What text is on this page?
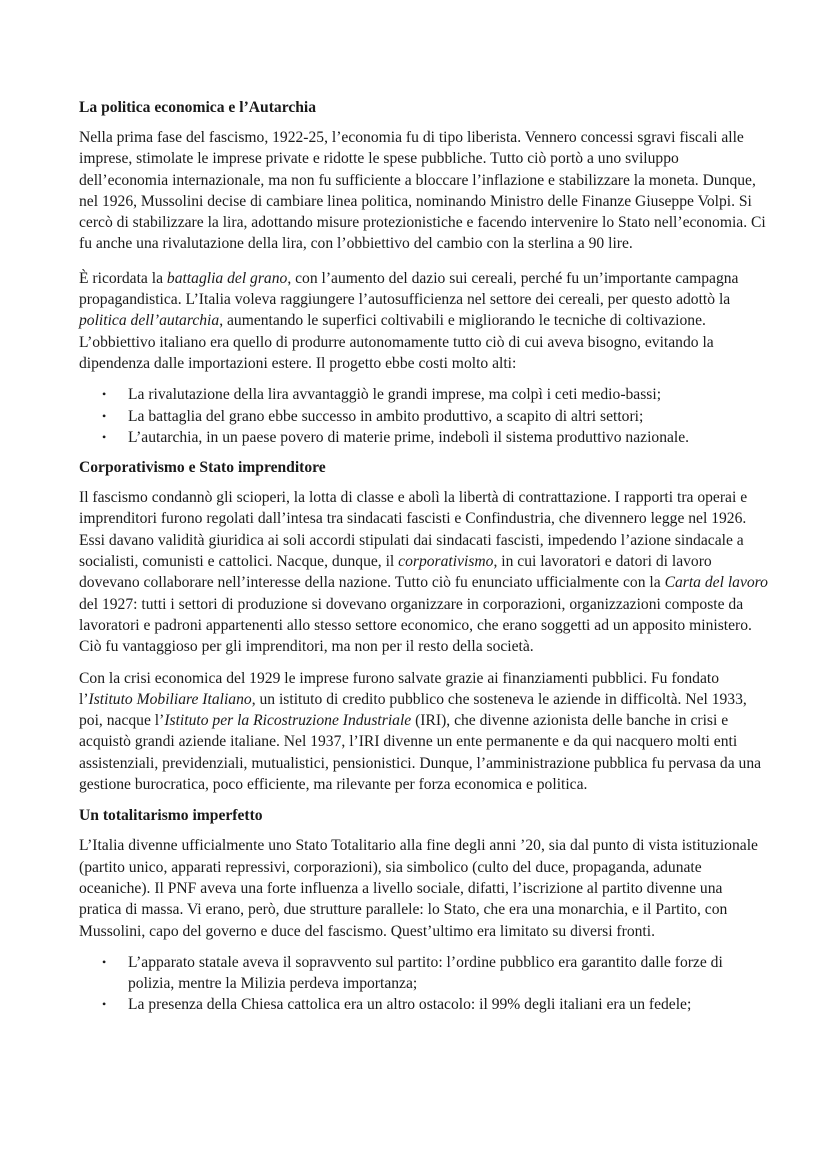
La politica economica e l’Autarchia

Nella prima fase del fascismo, 1922-25, l’economia fu di tipo liberista. Vennero concessi sgravi fiscali alle imprese, stimolate le imprese private e ridotte le spese pubbliche. Tutto ciò portò a uno sviluppo dell’economia internazionale, ma non fu sufficiente a bloccare l’inflazione e stabilizzare la moneta. Dunque, nel 1926, Mussolini decise di cambiare linea politica, nominando Ministro delle Finanze Giuseppe Volpi. Si cercò di stabilizzare la lira, adottando misure protezionistiche e facendo intervenire lo Stato nell’economia. Ci fu anche una rivalutazione della lira, con l’obbiettivo del cambio con la sterlina a 90 lire.

È ricordata la battaglia del grano, con l’aumento del dazio sui cereali, perché fu un’importante campagna propagandistica. L’Italia voleva raggiungere l’autosufficienza nel settore dei cereali, per questo adottò la politica dell’autarchia, aumentando le superfici coltivabili e migliorando le tecniche di coltivazione. L’obbiettivo italiano era quello di produrre autonomamente tutto ciò di cui aveva bisogno, evitando la dipendenza dalle importazioni estere. Il progetto ebbe costi molto alti:

• La rivalutazione della lira avvantaggiò le grandi imprese, ma colpì i ceti medio-bassi;
• La battaglia del grano ebbe successo in ambito produttivo, a scapito di altri settori;
• L’autarchia, in un paese povero di materie prime, indebolì il sistema produttivo nazionale.
Corporativismo e Stato imprenditore

Il fascismo condannò gli scioperi, la lotta di classe e abolì la libertà di contrattazione. I rapporti tra operai e imprenditori furono regolati dall’intesa tra sindacati fascisti e Confindustria, che divennero legge nel 1926. Essi davano validità giuridica ai soli accordi stipulati dai sindacati fascisti, impedendo l’azione sindacale a socialisti, comunisti e cattolici. Nacque, dunque, il corporativismo, in cui lavoratori e datori di lavoro dovevano collaborare nell’interesse della nazione. Tutto ciò fu enunciato ufficialmente con la Carta del lavoro del 1927: tutti i settori di produzione si dovevano organizzare in corporazioni, organizzazioni composte da lavoratori e padroni appartenenti allo stesso settore economico, che erano soggetti ad un apposito ministero. Ciò fu vantaggioso per gli imprenditori, ma non per il resto della società.

Con la crisi economica del 1929 le imprese furono salvate grazie ai finanziamenti pubblici. Fu fondato l’Istituto Mobiliare Italiano, un istituto di credito pubblico che sosteneva le aziende in difficoltà. Nel 1933, poi, nacque l’Istituto per la Ricostruzione Industriale (IRI), che divenne azionista delle banche in crisi e acquistò grandi aziende italiane. Nel 1937, l’IRI divenne un ente permanente e da qui nacquero molti enti assistenziali, previdenziali, mutualistici, pensionistici. Dunque, l’amministrazione pubblica fu pervasa da una gestione burocratica, poco efficiente, ma rilevante per forza economica e politica.

Un totalitarismo imperfetto

L’Italia divenne ufficialmente uno Stato Totalitario alla fine degli anni ’20, sia dal punto di vista istituzionale (partito unico, apparati repressivi, corporazioni), sia simbolico (culto del duce, propaganda, adunate oceaniche). Il PNF aveva una forte influenza a livello sociale, difatti, l’iscrizione al partito divenne una pratica di massa. Vi erano, però, due strutture parallele: lo Stato, che era una monarchia, e il Partito, con Mussolini, capo del governo e duce del fascismo. Quest’ultimo era limitato su diversi fronti.

• L’apparato statale aveva il sopravvento sul partito: l’ordine pubblico era garantito dalle forze di polizia, mentre la Milizia perdeva importanza;
• La presenza della Chiesa cattolica era un altro ostacolo: il 99% degli italiani era un fedele;
